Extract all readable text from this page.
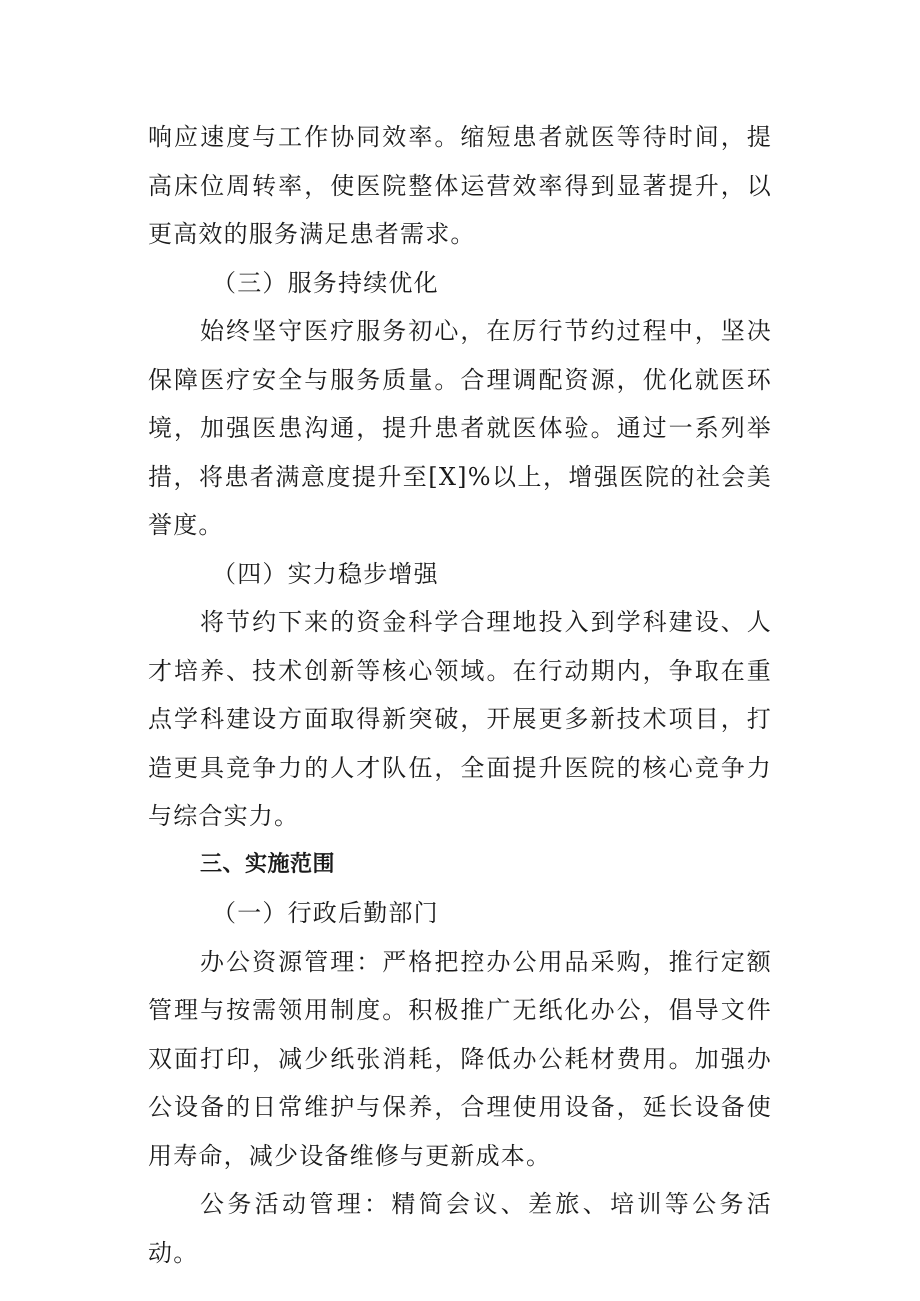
响应速度与工作协同效率。缩短患者就医等待时间，提高床位周转率，使医院整体运营效率得到显著提升，以更高效的服务满足患者需求。

（三）服务持续优化

始终坚守医疗服务初心，在厉行节约过程中，坚决保障医疗安全与服务质量。合理调配资源，优化就医环境，加强医患沟通，提升患者就医体验。通过一系列举措，将患者满意度提升至[X]%以上，增强医院的社会美誉度。

（四）实力稳步增强

将节约下来的资金科学合理地投入到学科建设、人才培养、技术创新等核心领域。在行动期内，争取在重点学科建设方面取得新突破，开展更多新技术项目，打造更具竞争力的人才队伍，全面提升医院的核心竞争力与综合实力。

三、实施范围

（一）行政后勤部门

办公资源管理：严格把控办公用品采购，推行定额管理与按需领用制度。积极推广无纸化办公，倡导文件双面打印，减少纸张消耗，降低办公耗材费用。加强办公设备的日常维护与保养，合理使用设备，延长设备使用寿命，减少设备维修与更新成本。

公务活动管理：精简会议、差旅、培训等公务活动。
